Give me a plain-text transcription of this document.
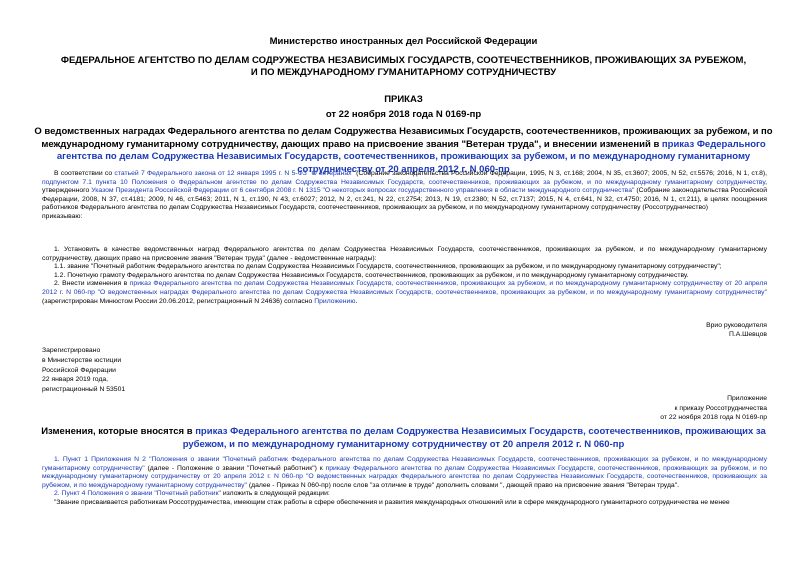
Министерство иностранных дел Российской Федерации
ФЕДЕРАЛЬНОЕ АГЕНТСТВО ПО ДЕЛАМ СОДРУЖЕСТВА НЕЗАВИСИМЫХ ГОСУДАРСТВ, СООТЕЧЕСТВЕННИКОВ, ПРОЖИВАЮЩИХ ЗА РУБЕЖОМ, И ПО МЕЖДУНАРОДНОМУ ГУМАНИТАРНОМУ СОТРУДНИЧЕСТВУ
ПРИКАЗ
от 22 ноября 2018 года N 0169-пр
О ведомственных наградах Федерального агентства по делам Содружества Независимых Государств, соотечественников, проживающих за рубежом, и по международному гуманитарному сотрудничеству, дающих право на присвоение звания "Ветеран труда", и внесении изменений в приказ Федерального агентства по делам Содружества Независимых Государств, соотечественников, проживающих за рубежом, и по международному гуманитарному сотрудничеству от 20 апреля 2012 г. N 060-пр
В соответствии со статьей 7 Федерального закона от 12 января 1995 г. N 5-ФЗ "О ветеранах" (Собрание законодательства Российской Федерации, 1995, N 3, ст.168; 2004, N 35, ст.3607; 2005, N 52, ст.5576; 2016, N 1, ст.8), подпунктом 7.1 пункта 10 Положения о Федеральном агентстве по делам Содружества Независимых Государств, соотечественников, проживающих за рубежом, и по международному гуманитарному сотрудничеству, утвержденного Указом Президента Российской Федерации от 6 сентября 2008 г. N 1315 "О некоторых вопросах государственного управления в области международного сотрудничества" (Собрание законодательства Российской Федерации, 2008, N 37, ст.4181; 2009, N 46, ст.5463; 2011, N 1, ст.190, N 43, ст.6027; 2012, N 2, ст.241, N 22, ст.2754; 2013, N 19, ст.2380; N 52, ст.7137; 2015, N 4, ст.641, N 32, ст.4750; 2016, N 1, ст.211), в целях поощрения работников Федерального агентства по делам Содружества Независимых Государств, соотечественников, проживающих за рубежом, и по международному гуманитарному сотрудничеству (Россотрудничество)
приказываю:
1. Установить в качестве ведомственных наград Федерального агентства по делам Содружества Независимых Государств, соотечественников, проживающих за рубежом, и по международному гуманитарному сотрудничеству, дающих право на присвоение звания "Ветеран труда" (далее - ведомственные награды):
1.1. звание "Почетный работник Федерального агентства по делам Содружества Независимых Государств, соотечественников, проживающих за рубежом, и по международному гуманитарному сотрудничеству";
1.2. Почетную грамоту Федерального агентства по делам Содружества Независимых Государств, соотечественников, проживающих за рубежом, и по международному гуманитарному сотрудничеству.
2. Внести изменения в приказ Федерального агентства по делам Содружества Независимых Государств, соотечественников, проживающих за рубежом, и по международному гуманитарному сотрудничеству от 20 апреля 2012 г. N 060-пр "О ведомственных наградах Федерального агентства по делам Содружества Независимых Государств, соотечественников, проживающих за рубежом, и по международному гуманитарному сотрудничеству" (зарегистрирован Минюстом России 20.06.2012, регистрационный N 24636) согласно Приложению.
Врио руководителя
П.А.Шевцов
Зарегистрировано
в Министерстве юстиции
Российской Федерации
22 января 2019 года,
регистрационный N 53501
Приложение
к приказу Россотрудничества
от 22 ноября 2018 года N 0169-пр
Изменения, которые вносятся в приказ Федерального агентства по делам Содружества Независимых Государств, соотечественников, проживающих за рубежом, и по международному гуманитарному сотрудничеству от 20 апреля 2012 г. N 060-пр
1. Пункт 1 Приложения N 2 "Положения о звании "Почетный работник Федерального агентства по делам Содружества Независимых Государств, соотечественников, проживающих за рубежом, и по международному гуманитарному сотрудничеству" (далее - Положение о звании "Почетный работник") к приказу Федерального агентства по делам Содружества Независимых Государств, соотечественников, проживающих за рубежом, и по международному гуманитарному сотрудничеству от 20 апреля 2012 г. N 060-пр "О ведомственных наградах Федерального агентства по делам Содружества Независимых Государств, соотечественников, проживающих за рубежом, и по международному гуманитарному сотрудничеству" (далее - Приказ N 060-пр) после слов "за отличие в труде" дополнить словами ", дающей право на присвоение звания "Ветеран труда".
2. Пункт 4 Положения о звании "Почетный работник" изложить в следующей редакции:
"Звание присваивается работникам Россотрудничества, имеющим стаж работы в сфере обеспечения и развития международных отношений или в сфере международного гуманитарного сотрудничества не менее
